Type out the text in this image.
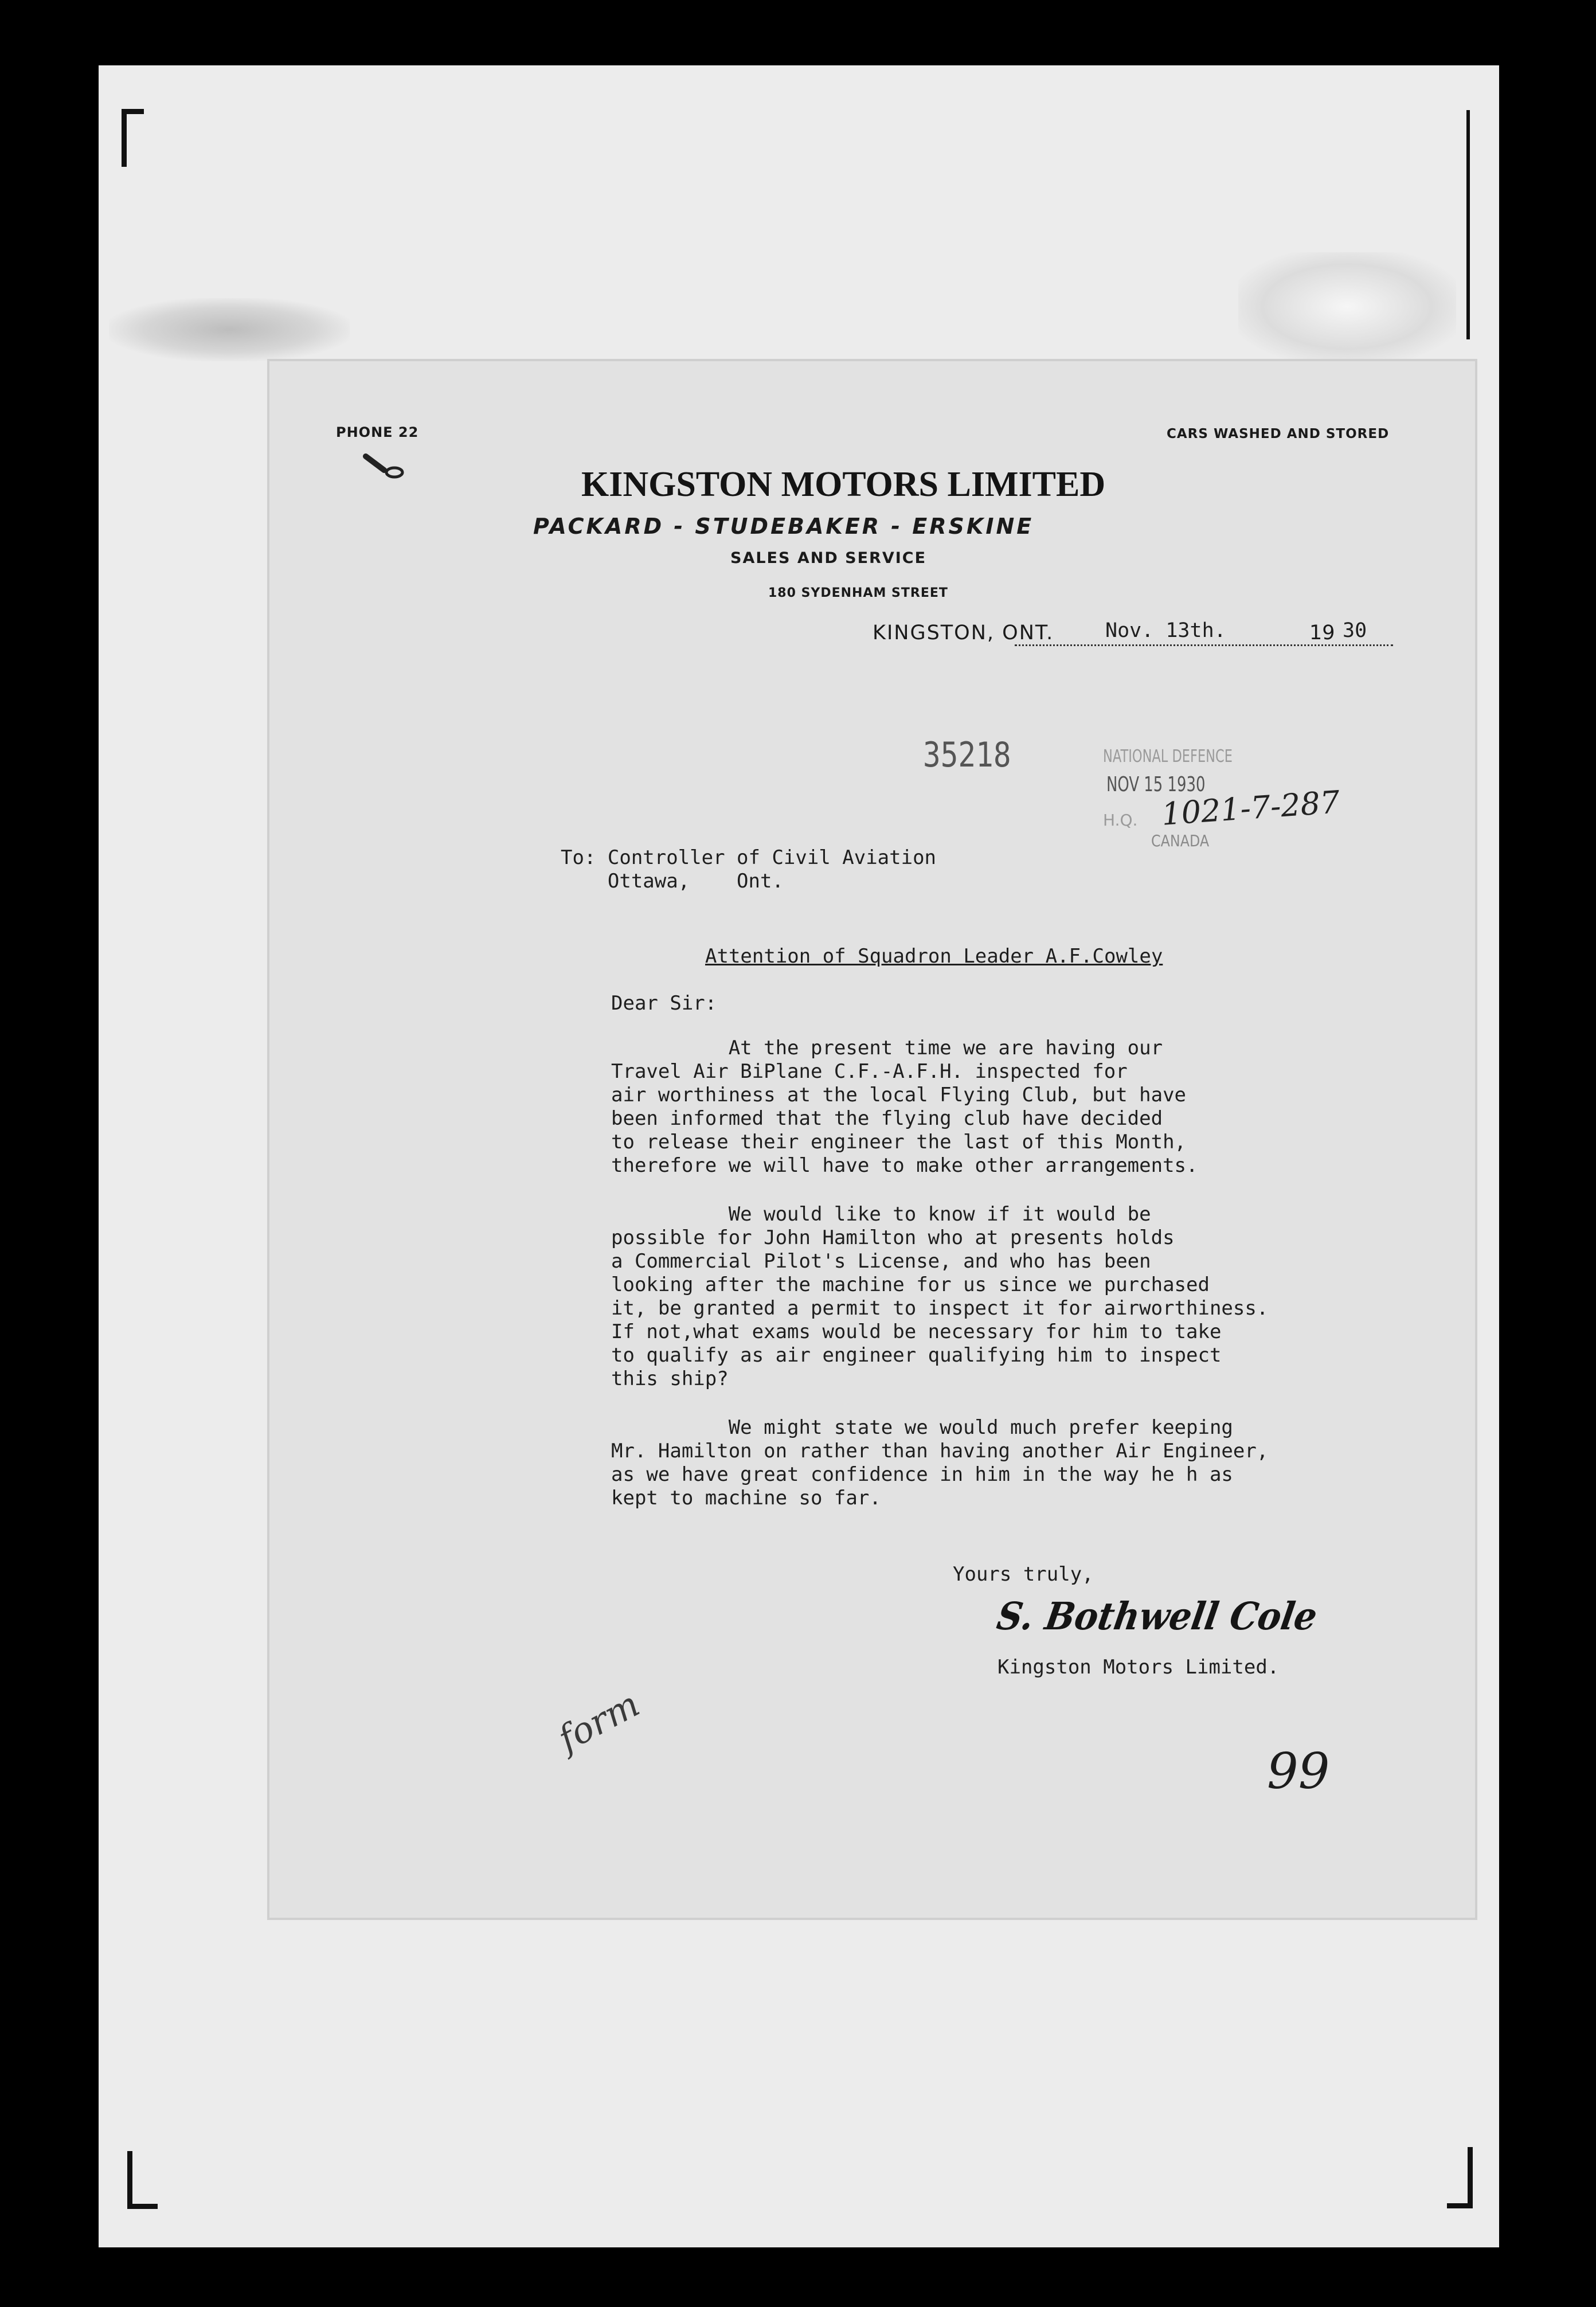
PHONE 22	CARS WASHED AND STORED
KINGSTON MOTORS LIMITED
PACKARD - STUDEBAKER - ERSKINE
SALES AND SERVICE
180 SYDENHAM STREET
KINGSTON, ONT.	Nov. 13th.	19 30
35218	NATIONAL DEFENCE
NOV 15 1930
H.Q.
CANADA
1021-7-287
To: Controller of Civil Aviation
Ottawa,    Ont.
Attention of Squadron Leader A.F.Cowley
Dear Sir:
At the present time we are having our
Travel Air BiPlane C.F.-A.F.H. inspected for
air worthiness at the local Flying Club, but have
been informed that the flying club have decided
to release their engineer the last of this Month,
therefore we will have to make other arrangements.
We would like to know if it would be
possible for John Hamilton who at presents holds
a Commercial Pilot's License, and who has been
looking after the machine for us since we purchased
it, be granted a permit to inspect it for airworthiness.
If not,what exams would be necessary for him to take
to qualify as air engineer qualifying him to inspect
this ship?
We might state we would much prefer keeping
Mr. Hamilton on rather than having another Air Engineer,
as we have great confidence in him in the way he h as
kept to machine so far.
Yours truly,
S. Bothwell Cole
Kingston Motors Limited.
form
99
